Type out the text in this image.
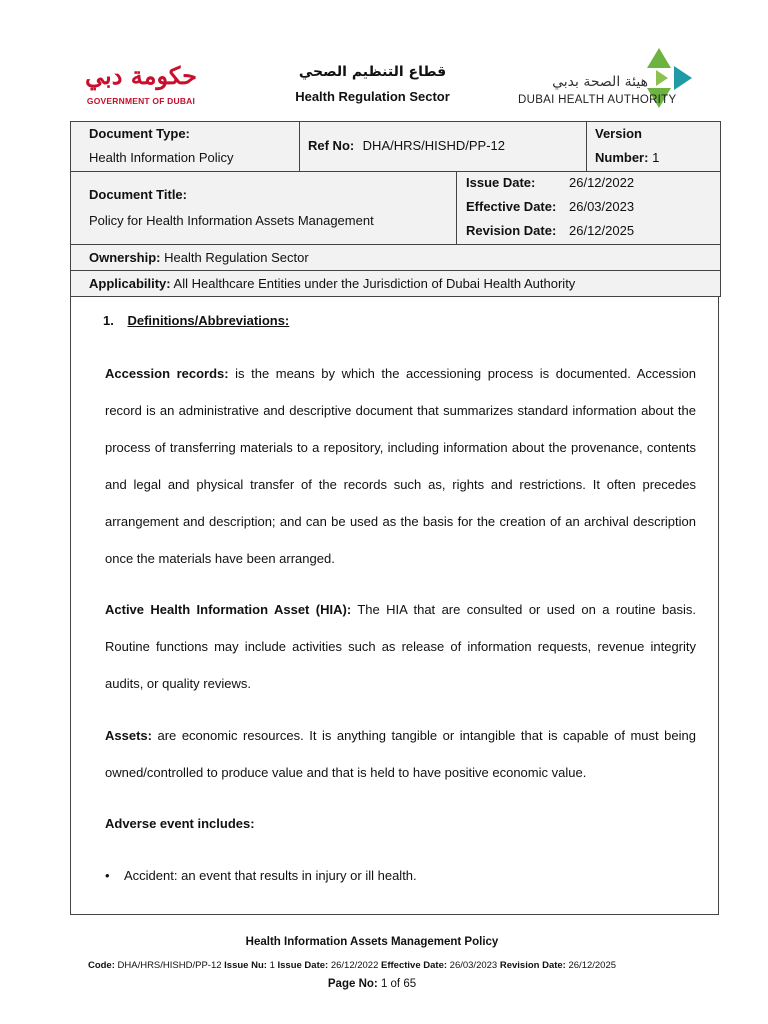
حكومة دبي
GOVERNMENT OF DUBAI
قطاع التنظيم الصحي
Health Regulation Sector
هيئة الصحة بدبي
DUBAI HEALTH AUTHORITY
Document Type:
Health Information Policy
Ref No: DHA/HRS/HISHD/PP-12
Version
Number: 1
Document Title:
Policy for Health Information Assets Management
Issue Date:	26/12/2022
Effective Date: 26/03/2023
Revision Date: 26/12/2025
Ownership: Health Regulation Sector
Applicability: All Healthcare Entities under the Jurisdiction of Dubai Health Authority
1. Definitions/Abbreviations:

Accession records: is the means by which the accessioning process is documented. Accession record is an administrative and descriptive document that summarizes standard information about the process of transferring materials to a repository, including information about the provenance, contents and legal and physical transfer of the records such as, rights and restrictions. It often precedes arrangement and description; and can be used as the basis for the creation of an archival description once the materials have been arranged.

Active Health Information Asset (HIA): The HIA that are consulted or used on a routine basis. Routine functions may include activities such as release of information requests, revenue integrity audits, or quality reviews.

Assets: are economic resources. It is anything tangible or intangible that is capable of must being owned/controlled to produce value and that is held to have positive economic value.

Adverse event includes:
• Accident: an event that results in injury or ill health.
Health Information Assets Management Policy
Code: DHA/HRS/HISHD/PP-12 Issue Nu: 1 Issue Date: 26/12/2022 Effective Date: 26/03/2023 Revision Date: 26/12/2025
Page No: 1 of 65
